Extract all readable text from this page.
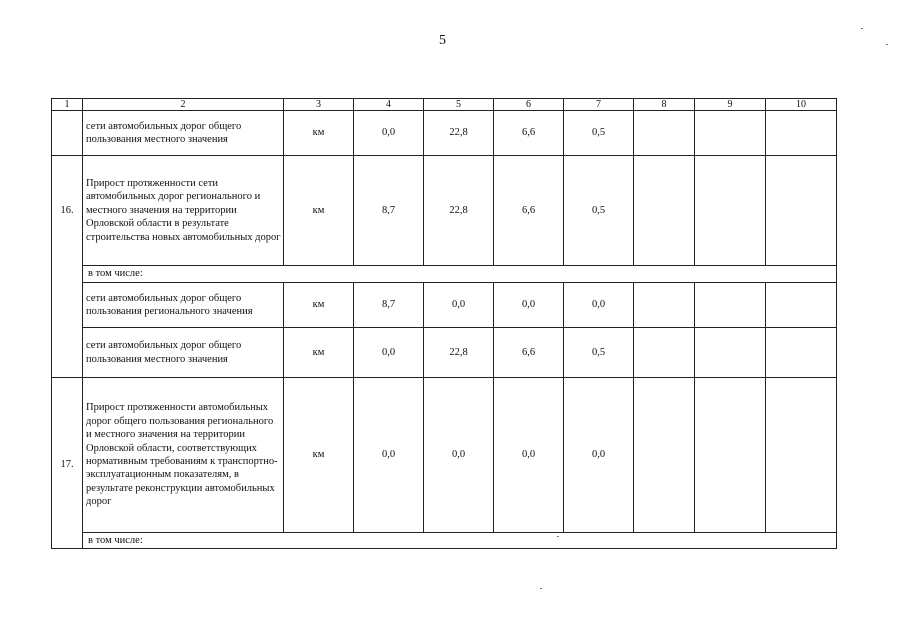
5
1	2	3	4	5	6	7	8	9	10
	сети автомобильных дорог общего пользования местного значения	км	0,0	22,8	6,6	0,5			

16.	Прирост протяженности сети автомобильных дорог регионального и местного значения на территории Орловской области в результате строительства новых автомобильных дорог	км	8,7	22,8	6,6	0,5			
	в том числе:								
	сети автомобильных дорог общего пользования регионального значения	км	8,7	0,0	0,0	0,0			
	сети автомобильных дорог общего пользования местного значения	км	0,0	22,8	6,6	0,5			

17.	Прирост протяженности автомобильных дорог общего пользования регионального и местного значения на территории Орловской области, соответствующих нормативным требованиям к транспортно-эксплуатационным показателям, в результате реконструкции автомобильных дорог	км	0,0	0,0	0,0	0,0			
	в том числе:								
